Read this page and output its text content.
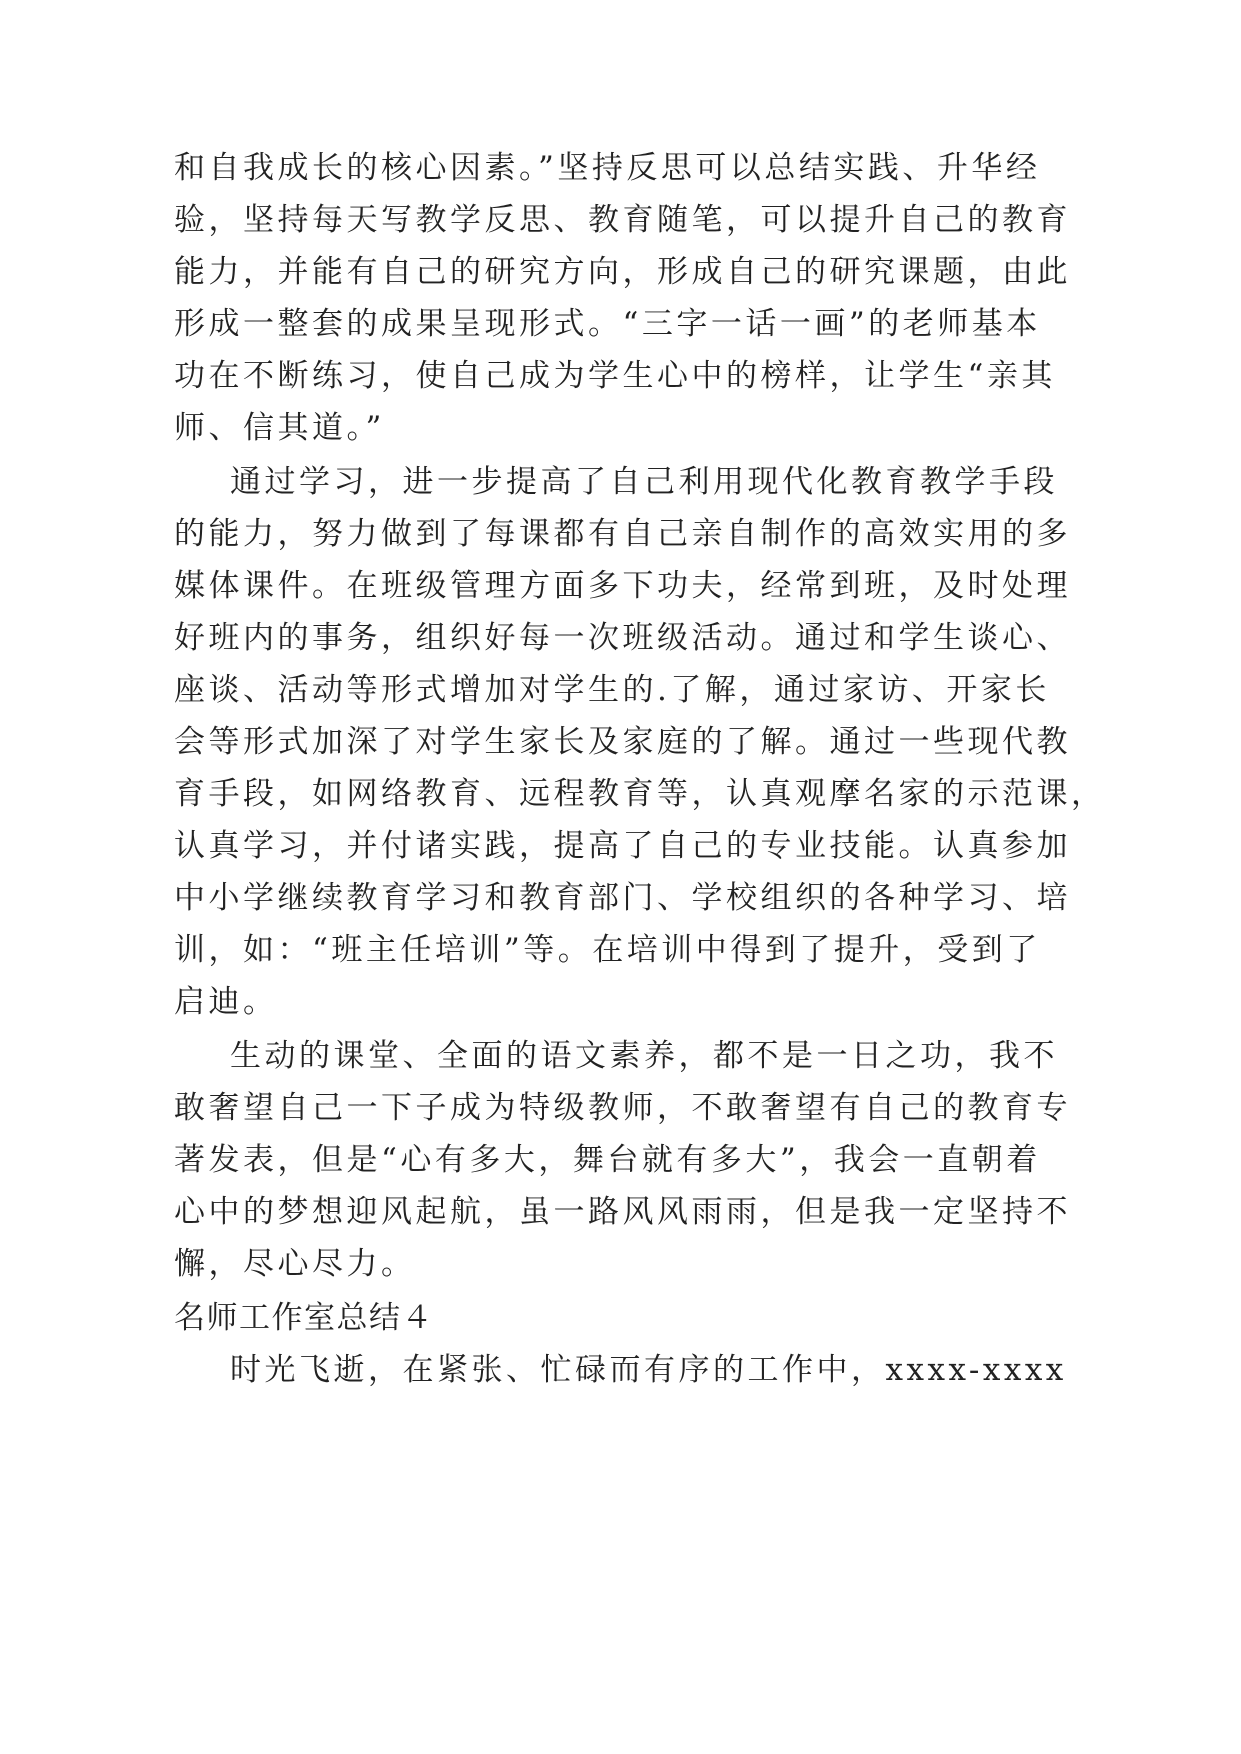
和自我成长的核心因素。”坚持反思可以总结实践、升华经

验，坚持每天写教学反思、教育随笔，可以提升自己的教育

能力，并能有自己的研究方向，形成自己的研究课题，由此

形成一整套的成果呈现形式。“三字一话一画”的老师基本

功在不断练习，使自己成为学生心中的榜样，让学生“亲其

师、信其道。”

通过学习，进一步提高了自己利用现代化教育教学手段

的能力，努力做到了每课都有自己亲自制作的高效实用的多

媒体课件。在班级管理方面多下功夫，经常到班，及时处理

好班内的事务，组织好每一次班级活动。通过和学生谈心、

座谈、活动等形式增加对学生的.了解，通过家访、开家长

会等形式加深了对学生家长及家庭的了解。通过一些现代教

育手段，如网络教育、远程教育等，认真观摩名家的示范课，

认真学习，并付诸实践，提高了自己的专业技能。认真参加

中小学继续教育学习和教育部门、学校组织的各种学习、培

训，如：“班主任培训”等。在培训中得到了提升，受到了

启迪。

生动的课堂、全面的语文素养，都不是一日之功，我不

敢奢望自己一下子成为特级教师，不敢奢望有自己的教育专

著发表，但是“心有多大，舞台就有多大”，我会一直朝着

心中的梦想迎风起航，虽一路风风雨雨，但是我一定坚持不

懈，尽心尽力。

名师工作室总结４

时光飞逝，在紧张、忙碌而有序的工作中，xxxx-xxxx
